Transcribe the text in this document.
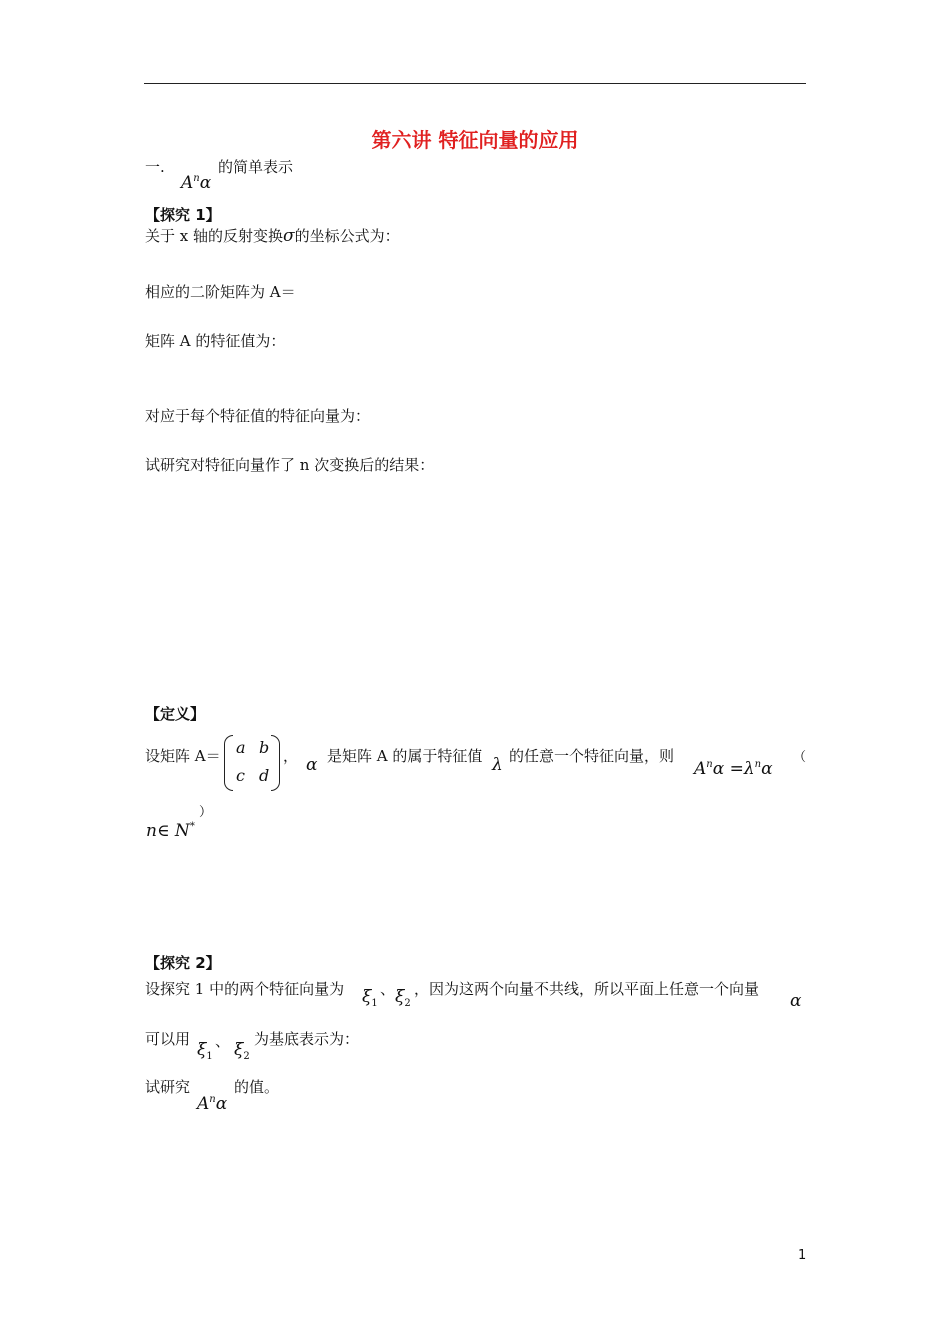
第六讲 特征向量的应用
一.
$A^n\alpha$
的简单表示
【探究 1】
关于 x 轴的反射变换σ的坐标公式为：
相应的二阶矩阵为 A＝
矩阵 A 的特征值为：
对应于每个特征值的特征向量为：
试研究对特征向量作了 n 次变换后的结果：
【定义】
设矩阵 A＝ a b
c d
， α 是矩阵 A 的属于特征值 λ 的任意一个特征向量，则
$A^n\alpha =\lambda^n\alpha$
（
n∈ N*
）
【探究 2】
设探究 1 中的两个特征向量为 $\xi_1$
、 $\xi_2$
，因为这两个向量不共线，所以平面上任意一个向量
α
可以用
$\xi_1$
、 $\xi_2$
为基底表示为：
试研究
$A^n\alpha$
的值。
1
